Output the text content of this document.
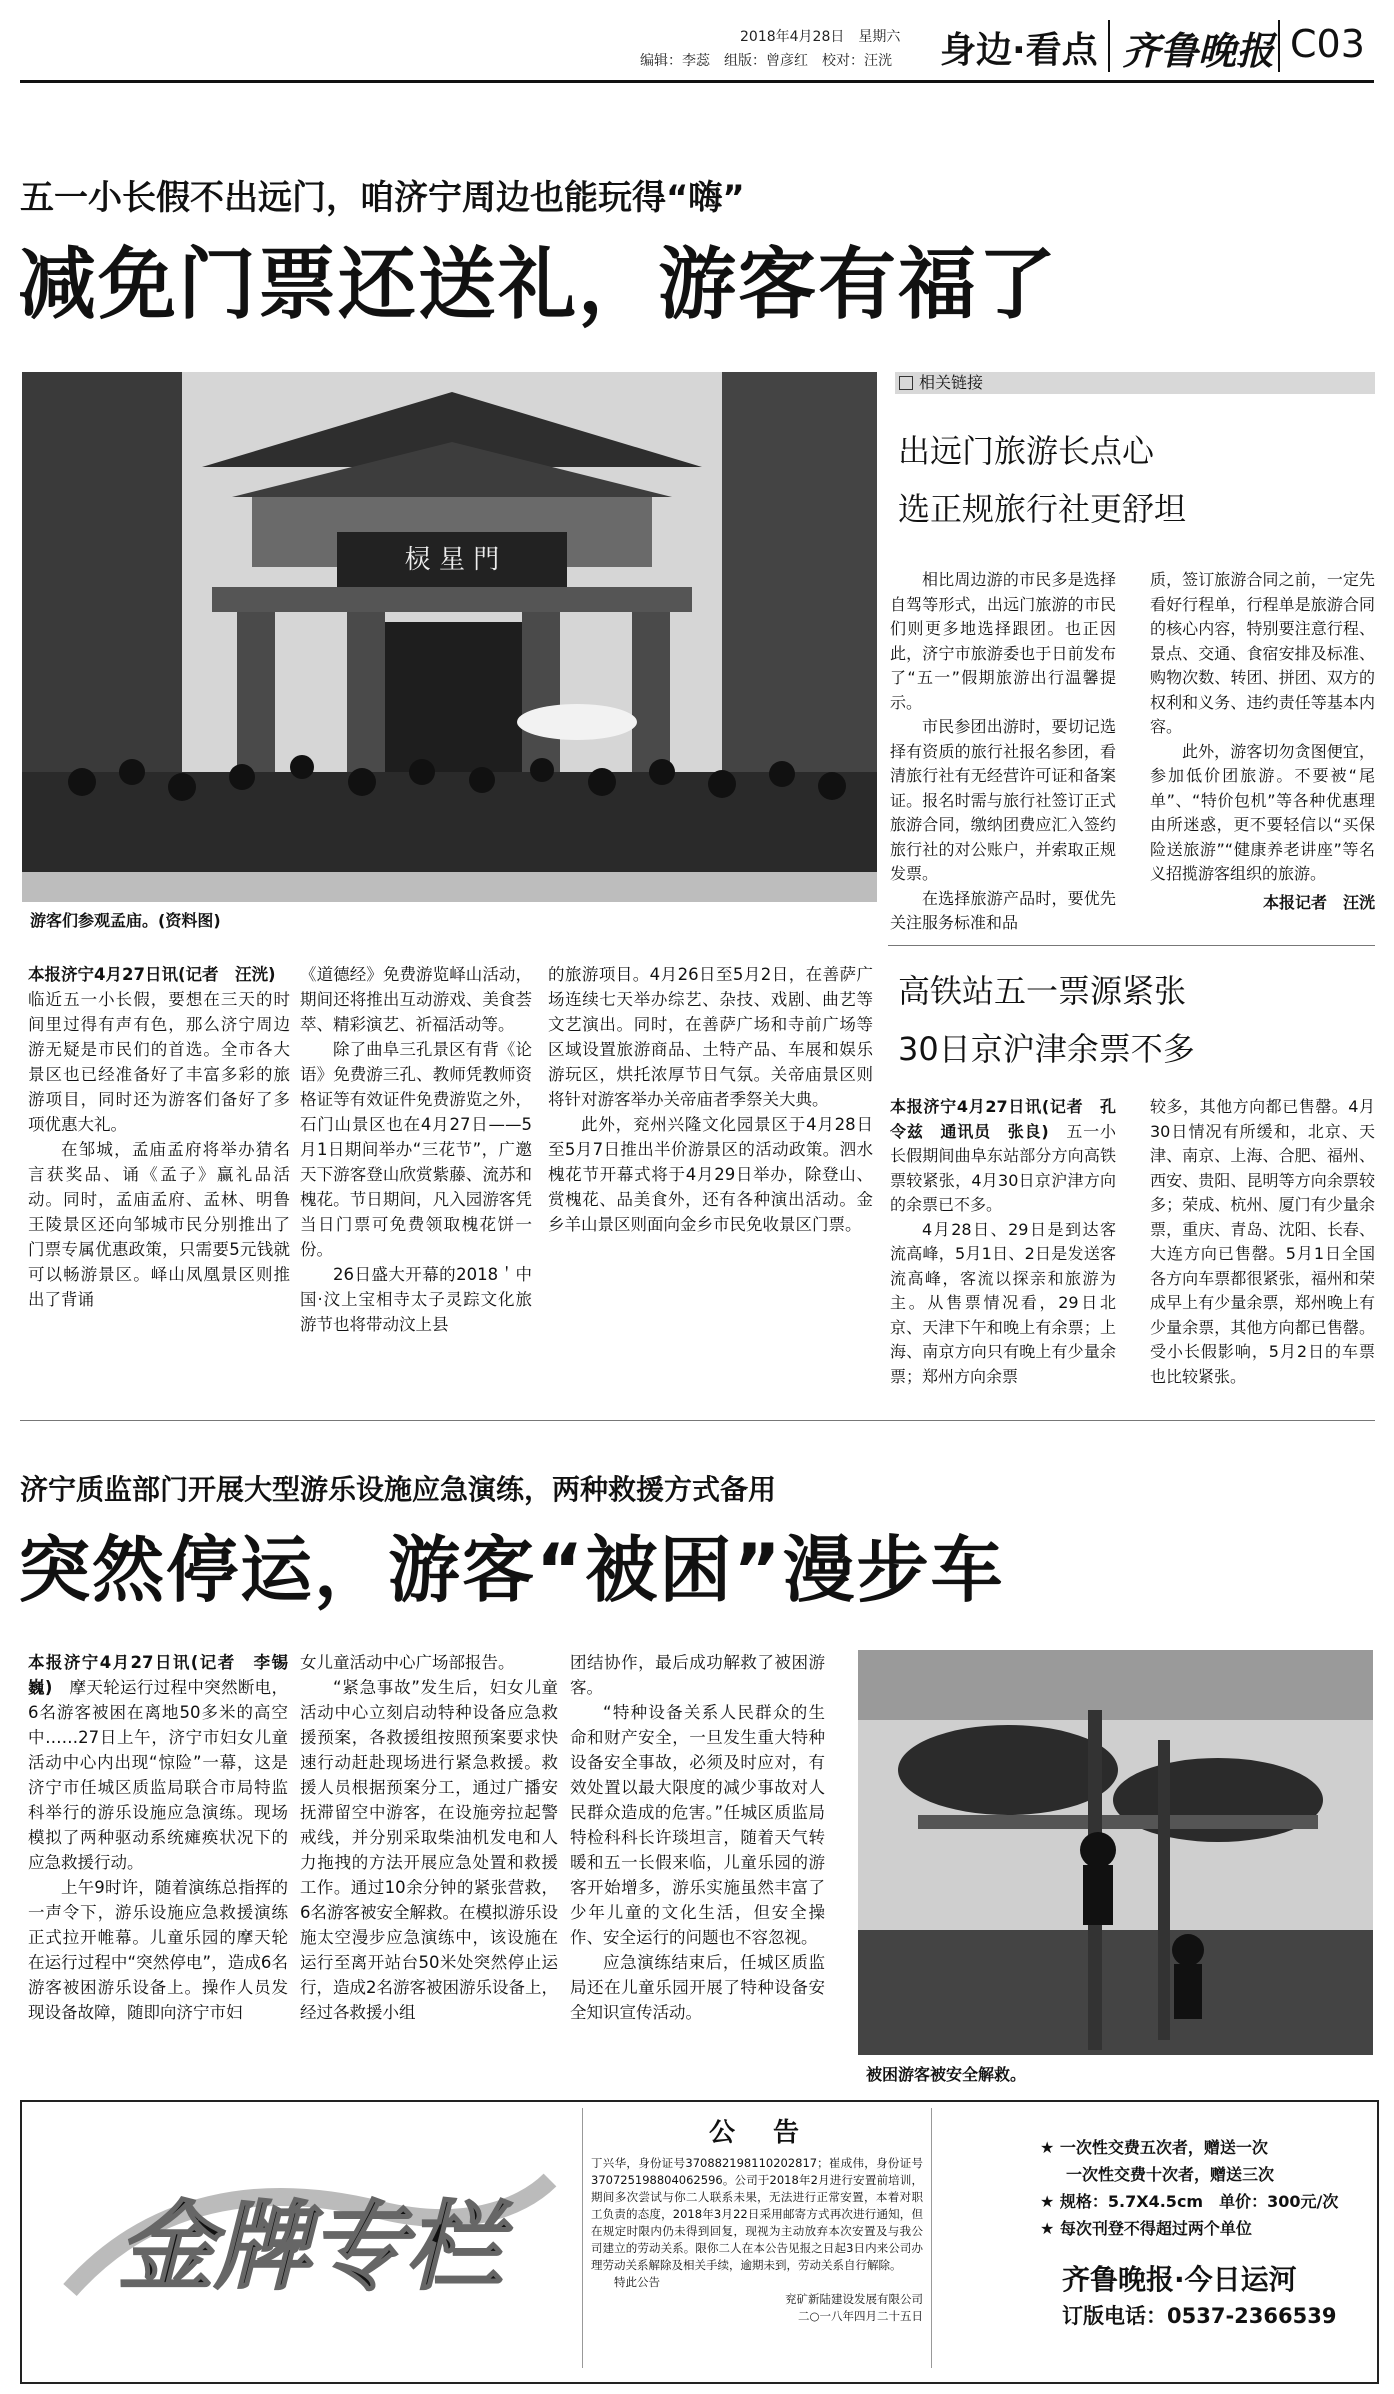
2018年4月28日　 星期六
编辑：李蕊　 组版：曾彦红　 校对：汪洸 身边·看点 齐鲁晚报 C03
五一小长假不出远门，咱济宁周边也能玩得“嗨”
减免门票还送礼，游客有福了
棂 星 門
游客们参观孟庙。(资料图)

本报济宁4月27日讯(记者　汪洸)　临近五一小长假，要想在三天的时间里过得有声有色，那么济宁周边游无疑是市民们的首选。全市各大景区也已经准备好了丰富多彩的旅游项目，同时还为游客们备好了多项优惠大礼。

在邹城，孟庙孟府将举办猜名言获奖品、诵《孟子》赢礼品活动。同时，孟庙孟府、孟林、明鲁王陵景区还向邹城市民分别推出了门票专属优惠政策，只需要5元钱就可以畅游景区。峄山凤凰景区则推出了背诵

《道德经》免费游览峄山活动，期间还将推出互动游戏、美食荟萃、精彩演艺、祈福活动等。

除了曲阜三孔景区有背《论语》免费游三孔、教师凭教师资格证等有效证件免费游览之外，石门山景区也在4月27日——5月1日期间举办“三花节”，广邀天下游客登山欣赏紫藤、流苏和槐花。节日期间，凡入园游客凭当日门票可免费领取槐花饼一份。

26日盛大开幕的2018＇中国·汶上宝相寺太子灵踪文化旅游节也将带动汶上县

的旅游项目。4月26日至5月2日，在善萨广场连续七天举办综艺、杂技、戏剧、曲艺等文艺演出。同时，在善萨广场和寺前广场等区域设置旅游商品、土特产品、车展和娱乐游玩区，烘托浓厚节日气氛。关帝庙景区则将针对游客举办关帝庙者季祭关大典。

此外，兖州兴隆文化园景区于4月28日至5月7日推出半价游景区的活动政策。泗水槐花节开幕式将于4月29日举办，除登山、赏槐花、品美食外，还有各种演出活动。金乡羊山景区则面向金乡市民免收景区门票。

相关链接
出远门旅游长点心
选正规旅行社更舒坦

相比周边游的市民多是选择自驾等形式，出远门旅游的市民们则更多地选择跟团。也正因此，济宁市旅游委也于日前发布了“五一”假期旅游出行温馨提示。

市民参团出游时，要切记选择有资质的旅行社报名参团，看清旅行社有无经营许可证和备案证。报名时需与旅行社签订正式旅游合同，缴纳团费应汇入签约旅行社的对公账户，并索取正规发票。

在选择旅游产品时，要优先关注服务标准和品

质，签订旅游合同之前，一定先看好行程单，行程单是旅游合同的核心内容，特别要注意行程、景点、交通、食宿安排及标准、购物次数、转团、拼团、双方的权利和义务、违约责任等基本内容。

此外，游客切勿贪图便宜，参加低价团旅游。不要被“尾单”、“特价包机”等各种优惠理由所迷惑，更不要轻信以“买保险送旅游”“健康养老讲座”等名义招揽游客组织的旅游。

本报记者　汪洸
高铁站五一票源紧张
30日京沪津余票不多

本报济宁4月27日讯(记者　孔令兹　通讯员　张良)　五一小长假期间曲阜东站部分方向高铁票较紧张，4月30日京沪津方向的余票已不多。

4月28日、29日是到达客流高峰，5月1日、2日是发送客流高峰，客流以探亲和旅游为主。从售票情况看，29日北京、天津下午和晚上有余票；上海、南京方向只有晚上有少量余票；郑州方向余票

较多，其他方向都已售罄。4月30日情况有所缓和，北京、天津、南京、上海、合肥、福州、西安、贵阳、昆明等方向余票较多；荣成、杭州、厦门有少量余票，重庆、青岛、沈阳、长春、大连方向已售罄。5月1日全国各方向车票都很紧张，福州和荣成早上有少量余票，郑州晚上有少量余票，其他方向都已售罄。受小长假影响，5月2日的车票也比较紧张。

济宁质监部门开展大型游乐设施应急演练，两种救援方式备用
突然停运，游客“被困”漫步车

本报济宁4月27日讯(记者　李锡巍)　摩天轮运行过程中突然断电，6名游客被困在离地50多米的高空中……27日上午，济宁市妇女儿童活动中心内出现“惊险”一幕，这是济宁市任城区质监局联合市局特监科举行的游乐设施应急演练。现场模拟了两种驱动系统瘫痪状况下的应急救援行动。

上午9时许，随着演练总指挥的一声令下，游乐设施应急救援演练正式拉开帷幕。儿童乐园的摩天轮在运行过程中“突然停电”，造成6名游客被困游乐设备上。操作人员发现设备故障，随即向济宁市妇

女儿童活动中心广场部报告。

“紧急事故”发生后，妇女儿童活动中心立刻启动特种设备应急救援预案，各救援组按照预案要求快速行动赶赴现场进行紧急救援。救援人员根据预案分工，通过广播安抚滞留空中游客，在设施旁拉起警戒线，并分别采取柴油机发电和人力拖拽的方法开展应急处置和救援工作。通过10余分钟的紧张营救，6名游客被安全解救。在模拟游乐设施太空漫步应急演练中，该设施在运行至离开站台50米处突然停止运行，造成2名游客被困游乐设备上，经过各救援小组

团结协作，最后成功解救了被困游客。

“特种设备关系人民群众的生命和财产安全，一旦发生重大特种设备安全事故，必须及时应对，有效处置以最大限度的减少事故对人民群众造成的危害。”任城区质监局特检科科长许琰坦言，随着天气转暖和五一长假来临，儿童乐园的游客开始增多，游乐实施虽然丰富了少年儿童的文化生活，但安全操作、安全运行的问题也不容忽视。

应急演练结束后，任城区质监局还在儿童乐园开展了特种设备安全知识宣传活动。

被困游客被安全解救。
金牌专栏
公　告
丁兴华，身份证号370882198110202817；崔成伟，身份证号370725198804062596。公司于2018年2月进行安置前培训，期间多次尝试与你二人联系未果，无法进行正常安置，本着对职工负责的态度，2018年3月22日采用邮寄方式再次进行通知，但在规定时限内仍未得到回复，现视为主动放弃本次安置及与我公司建立的劳动关系。限你二人在本公告见报之日起3日内来公司办理劳动关系解除及相关手续，逾期未到，劳动关系自行解除。
特此公告
兖矿新陆建设发展有限公司
二○一八年四月二十五日
★ 一次性交费五次者，赠送一次
一次性交费十次者，赠送三次
★ 规格：5.7X4.5cm　单价：300元/次
★ 每次刊登不得超过两个单位
齐鲁晚报·今日运河
订版电话：0537-2366539
